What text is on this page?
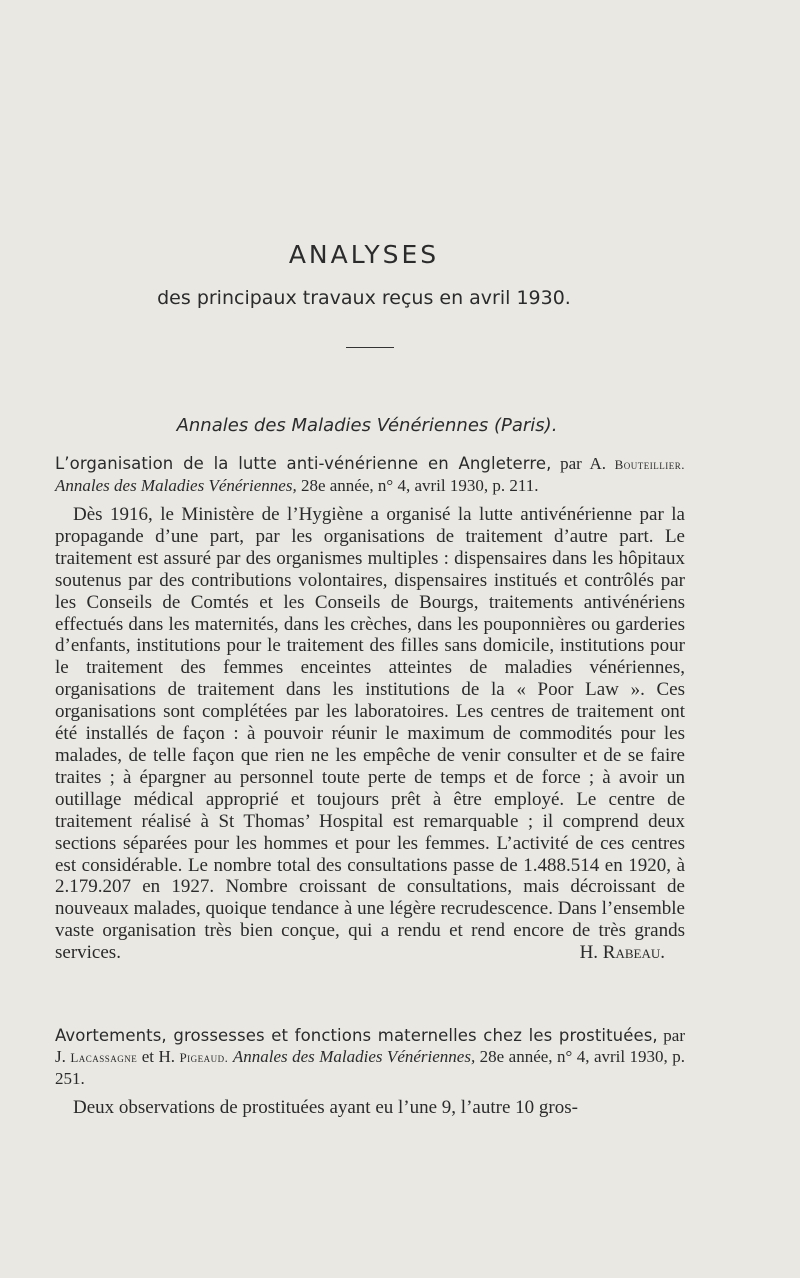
ANALYSES
des principaux travaux reçus en avril 1930.
Annales des Maladies Vénériennes (Paris).

L’organisation de la lutte anti-vénérienne en Angleterre, par A. Bouteillier. Annales des Maladies Vénériennes, 28e année, n° 4, avril 1930, p. 211.

Dès 1916, le Ministère de l’Hygiène a organisé la lutte antivénérienne par la propagande d’une part, par les organisations de traitement d’autre part. Le traitement est assuré par des organismes multiples : dispensaires dans les hôpitaux soutenus par des contributions volontaires, dispensaires institués et contrôlés par les Conseils de Comtés et les Conseils de Bourgs, traitements antivénériens effectués dans les maternités, dans les crèches, dans les pouponnières ou garderies d’enfants, institutions pour le traitement des filles sans domicile, institutions pour le traitement des femmes enceintes atteintes de maladies vénériennes, organisations de traitement dans les institutions de la « Poor Law ». Ces organisations sont complétées par les laboratoires. Les centres de traitement ont été installés de façon : à pouvoir réunir le maximum de commodités pour les malades, de telle façon que rien ne les empêche de venir consulter et de se faire traites ; à épargner au personnel toute perte de temps et de force ; à avoir un outillage médical approprié et toujours prêt à être employé. Le centre de traitement réalisé à St Thomas’ Hospital est remarquable ; il comprend deux sections séparées pour les hommes et pour les femmes. L’activité de ces centres est considérable. Le nombre total des consultations passe de 1.488.514 en 1920, à 2.179.207 en 1927. Nombre croissant de consultations, mais décroissant de nouveaux malades, quoique tendance à une légère recrudescence. Dans l’ensemble vaste organisation très bien conçue, qui a rendu et rend encore de très grands services.	H. Rabeau.

Avortements, grossesses et fonctions maternelles chez les prostituées, par J. Lacassagne et H. Pigeaud. Annales des Maladies Vénériennes, 28e année, n° 4, avril 1930, p. 251.

Deux observations de prostituées ayant eu l’une 9, l’autre 10 gros-
